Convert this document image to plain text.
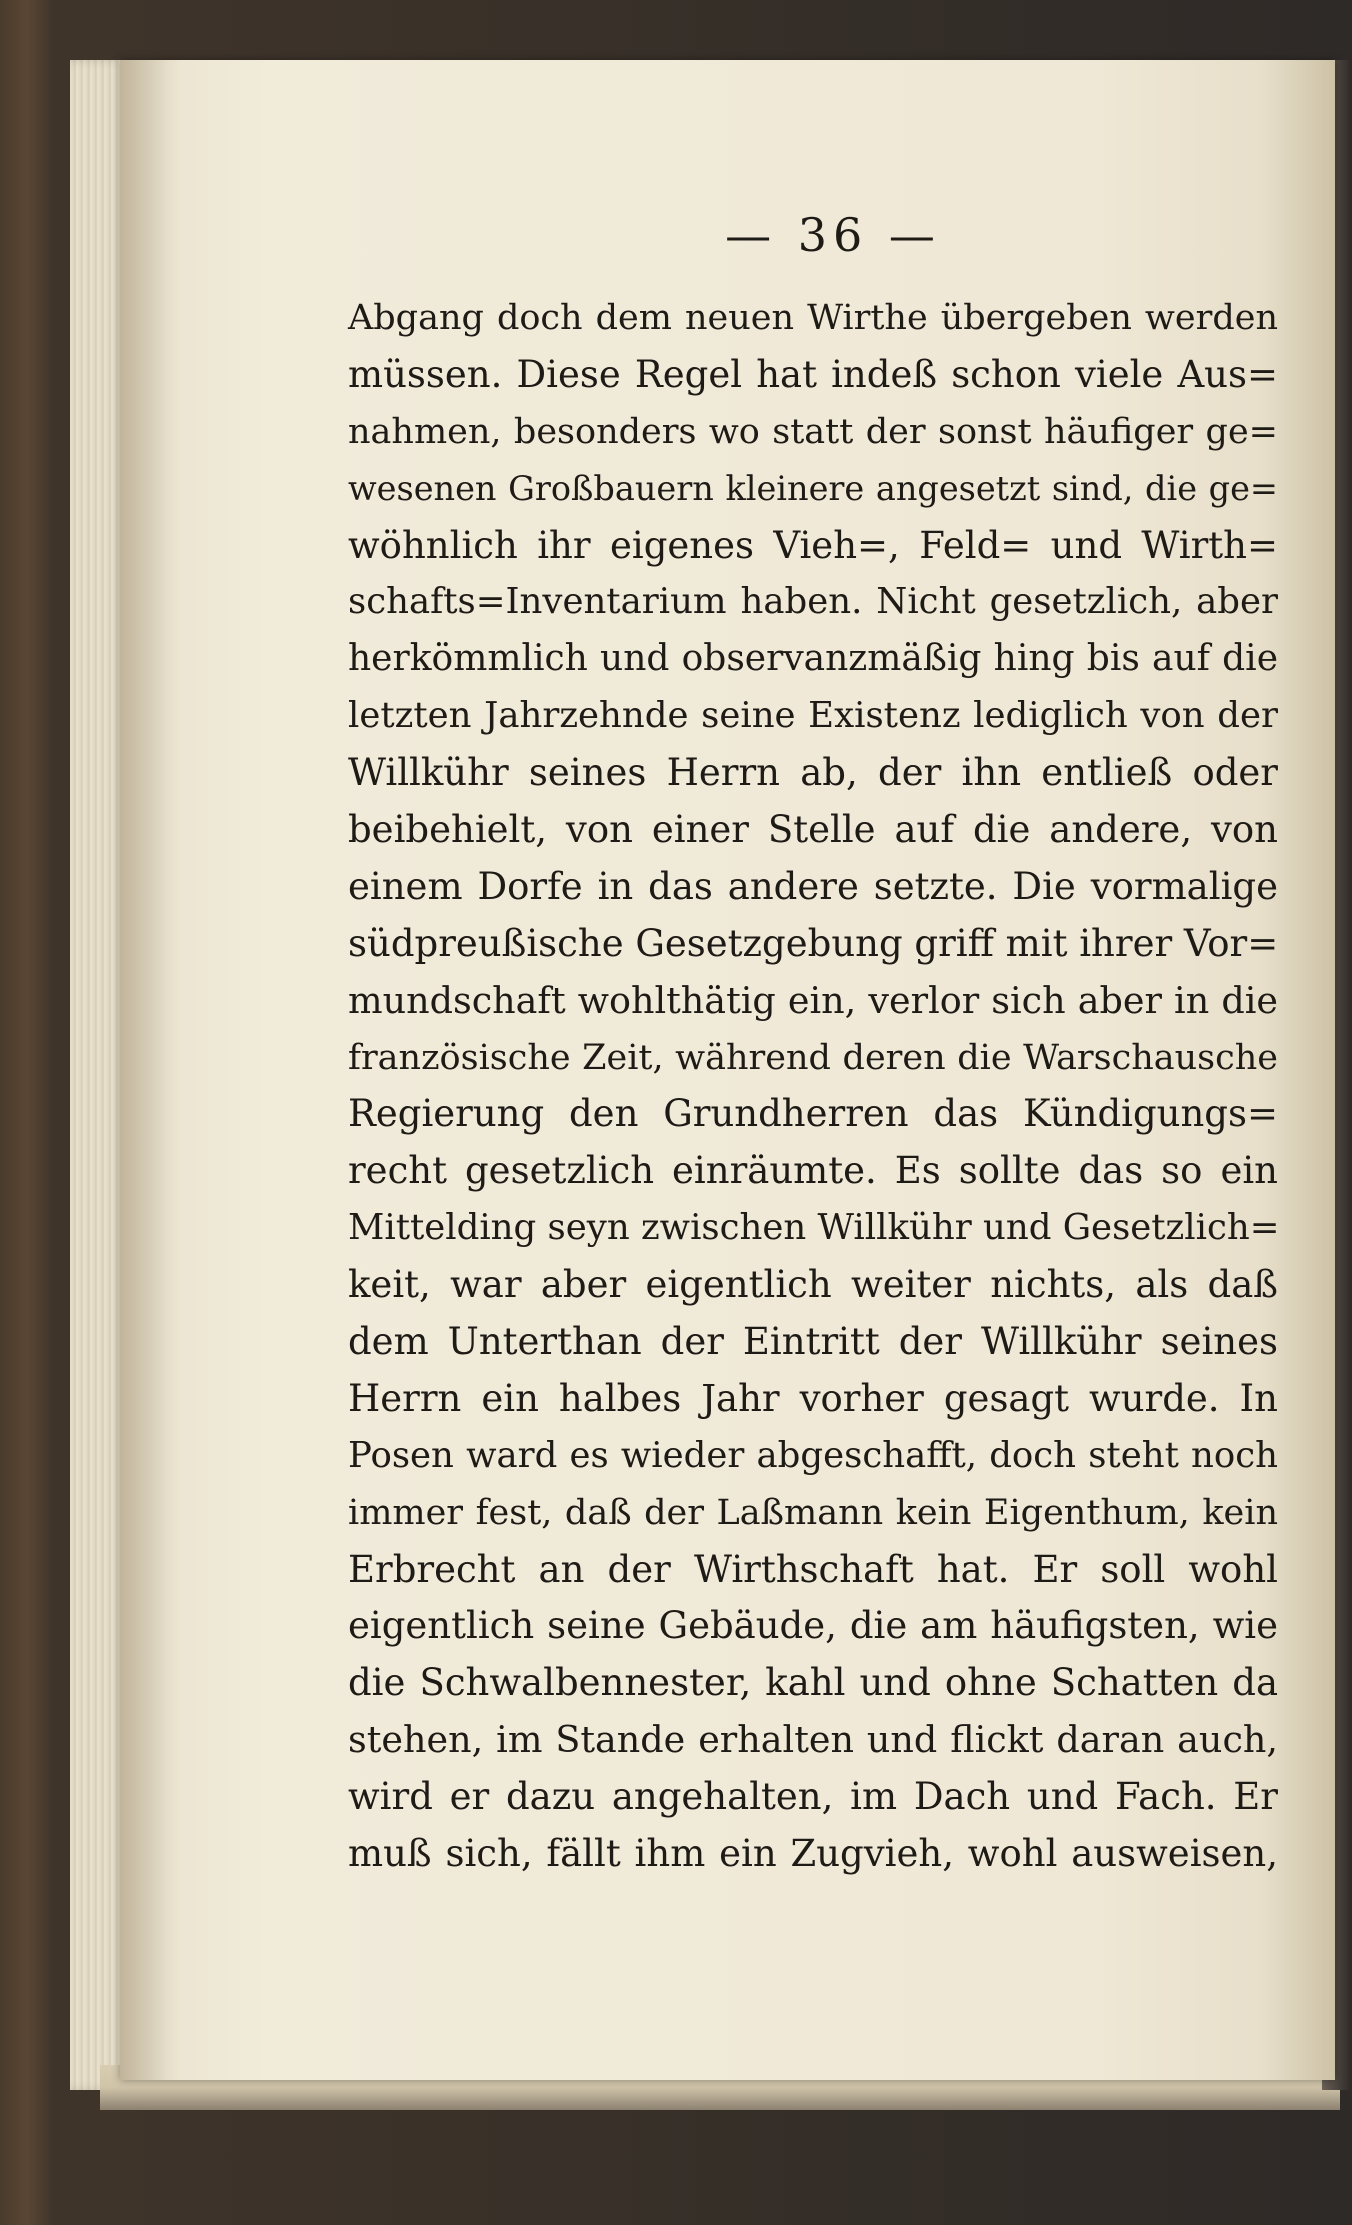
— 36 —
Abgang doch dem neuen Wirthe übergeben werden
müssen. Diese Regel hat indeß schon viele Aus=
nahmen, besonders wo statt der sonst häufiger ge=
wesenen Großbauern kleinere angesetzt sind, die ge=
wöhnlich ihr eigenes Vieh=, Feld= und Wirth=
schafts=Inventarium haben. Nicht gesetzlich, aber
herkömmlich und observanzmäßig hing bis auf die
letzten Jahrzehnde seine Existenz lediglich von der
Willkühr seines Herrn ab, der ihn entließ oder
beibehielt, von einer Stelle auf die andere, von
einem Dorfe in das andere setzte. Die vormalige
südpreußische Gesetzgebung griff mit ihrer Vor=
mundschaft wohlthätig ein, verlor sich aber in die
französische Zeit, während deren die Warschausche
Regierung den Grundherren das Kündigungs=
recht gesetzlich einräumte. Es sollte das so ein
Mittelding seyn zwischen Willkühr und Gesetzlich=
keit, war aber eigentlich weiter nichts, als daß
dem Unterthan der Eintritt der Willkühr seines
Herrn ein halbes Jahr vorher gesagt wurde. In
Posen ward es wieder abgeschafft, doch steht noch
immer fest, daß der Laßmann kein Eigenthum, kein
Erbrecht an der Wirthschaft hat. Er soll wohl
eigentlich seine Gebäude, die am häufigsten, wie
die Schwalbennester, kahl und ohne Schatten da
stehen, im Stande erhalten und flickt daran auch,
wird er dazu angehalten, im Dach und Fach. Er
muß sich, fällt ihm ein Zugvieh, wohl ausweisen,
